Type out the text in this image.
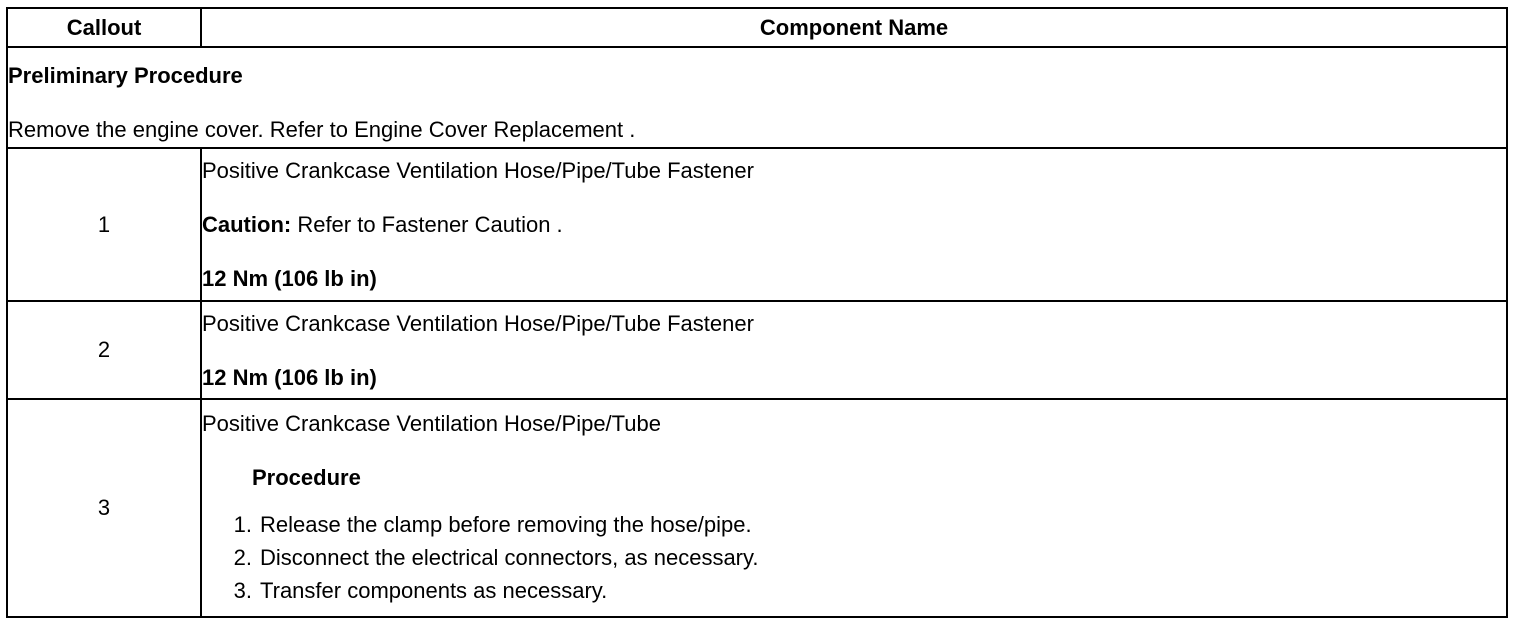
Callout	Component Name

Preliminary Procedure
Remove the engine cover. Refer to Engine Cover Replacement .	

1	Positive Crankcase Ventilation Hose/Pipe/Tube Fastener
Caution: Refer to Fastener Caution .
12 Nm (106 lb in)

2	Positive Crankcase Ventilation Hose/Pipe/Tube Fastener
12 Nm (106 lb in)

3	Positive Crankcase Ventilation Hose/Pipe/Tube
Procedure
1. Release the clamp before removing the hose/pipe.
2. Disconnect the electrical connectors, as necessary.
3. Transfer components as necessary.
